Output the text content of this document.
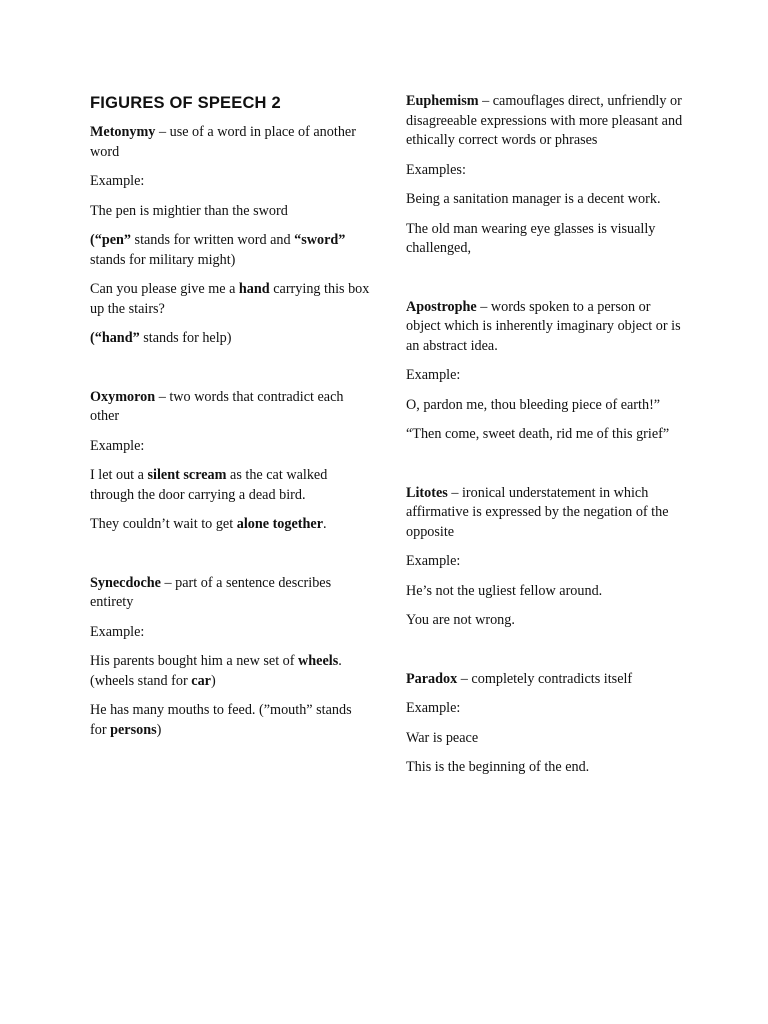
FIGURES OF SPEECH 2

Metonymy – use of a word in place of another word

Example:

The pen is mightier than the sword

(“pen” stands for written word and “sword” stands for military might)

Can you please give me a hand carrying this box up the stairs?

(“hand” stands for help)

Oxymoron – two words that contradict each other

Example:

I let out a silent scream as the cat walked through the door carrying a dead bird.

They couldn’t wait to get alone together.

Synecdoche – part of a sentence describes entirety

Example:

His parents bought him a new set of wheels. (wheels stand for car)

He has many mouths to feed. (”mouth” stands for persons)

Euphemism – camouflages direct, unfriendly or disagreeable expressions with more pleasant and ethically correct words or phrases

Examples:

Being a sanitation manager is a decent work.

The old man wearing eye glasses is visually challenged,

Apostrophe – words spoken to a person or object which is inherently imaginary object or is an abstract idea.

Example:

O, pardon me, thou bleeding piece of earth!”

“Then come, sweet death, rid me of this grief”

Litotes – ironical understatement in which affirmative is expressed by the negation of the opposite

Example:

He’s not the ugliest fellow around.

You are not wrong.

Paradox – completely contradicts itself

Example:

War is peace

This is the beginning of the end.
